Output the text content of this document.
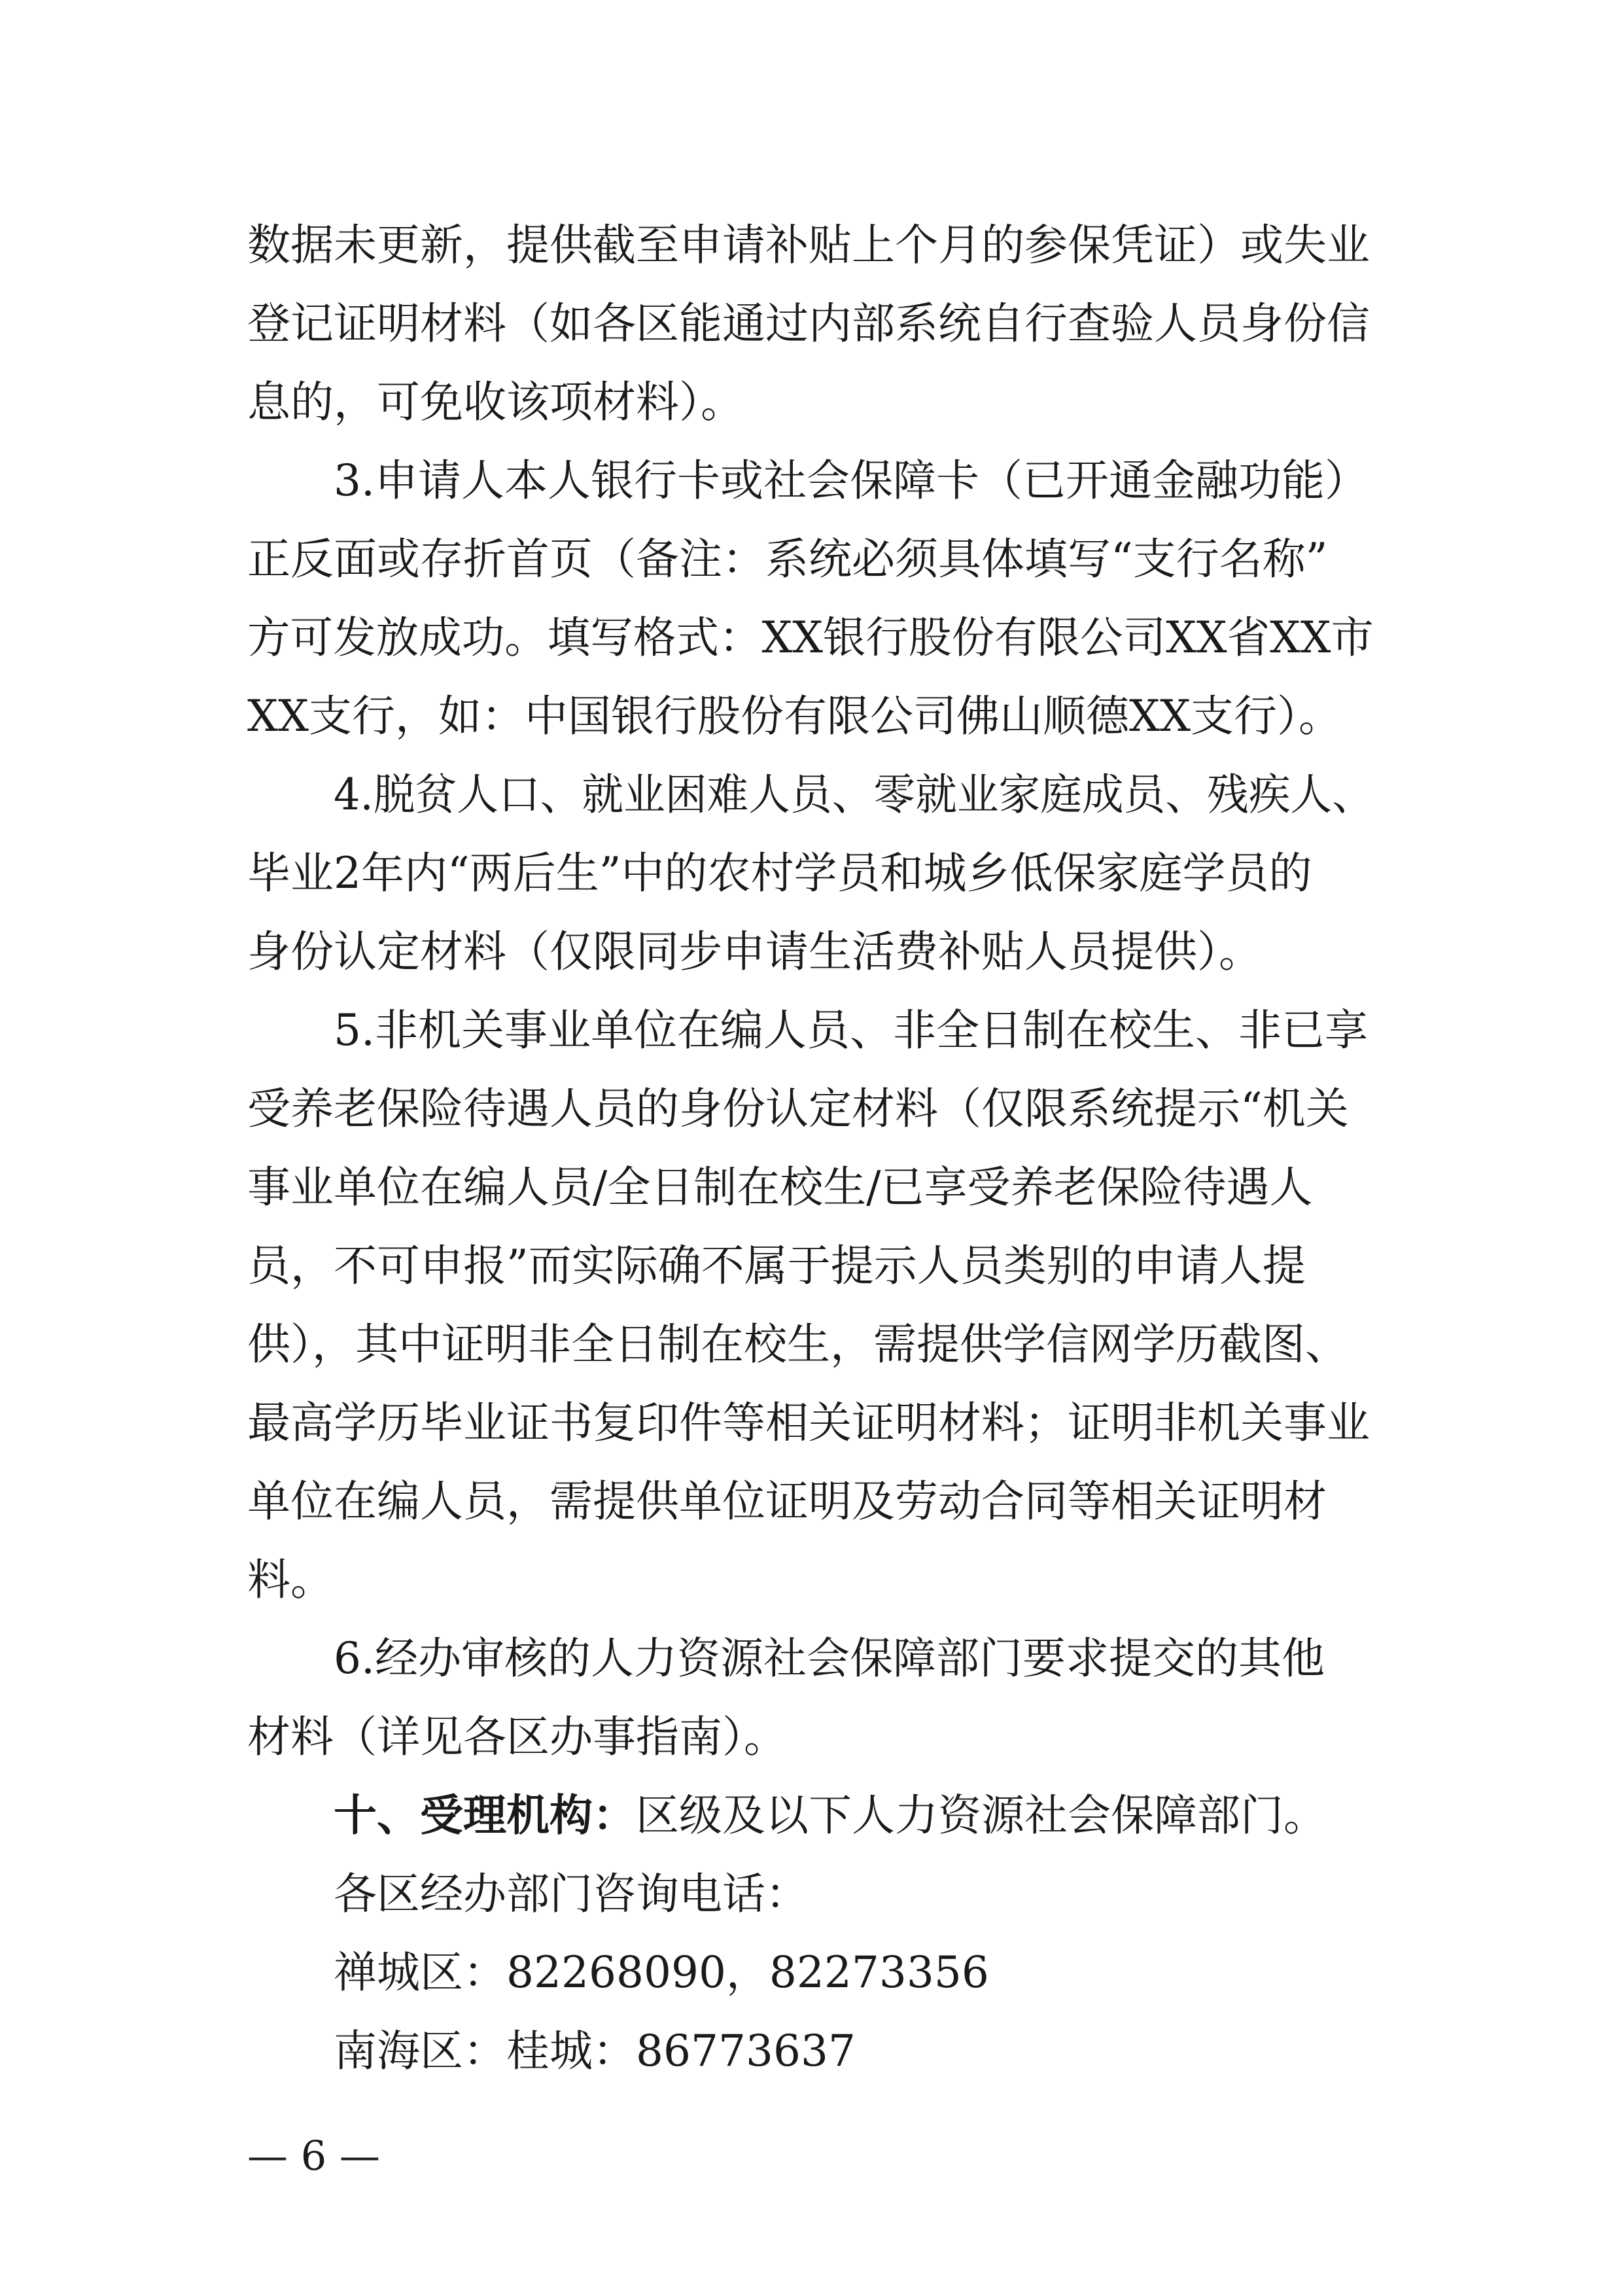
数据未更新，提供截至申请补贴上个月的参保凭证）或失业
登记证明材料（如各区能通过内部系统自行查验人员身份信
息的，可免收该项材料）。
3.申请人本人银行卡或社会保障卡（已开通金融功能）
正反面或存折首页（备注：系统必须具体填写“支行名称”
方可发放成功。填写格式：XX银行股份有限公司XX省XX市
XX支行，如：中国银行股份有限公司佛山顺德XX支行）。
4.脱贫人口、就业困难人员、零就业家庭成员、残疾人、
毕业2年内“两后生”中的农村学员和城乡低保家庭学员的
身份认定材料（仅限同步申请生活费补贴人员提供）。
5.非机关事业单位在编人员、非全日制在校生、非已享
受养老保险待遇人员的身份认定材料（仅限系统提示“机关
事业单位在编人员/全日制在校生/已享受养老保险待遇人
员，不可申报”而实际确不属于提示人员类别的申请人提
供），其中证明非全日制在校生，需提供学信网学历截图、
最高学历毕业证书复印件等相关证明材料；证明非机关事业
单位在编人员，需提供单位证明及劳动合同等相关证明材
料。
6.经办审核的人力资源社会保障部门要求提交的其他
材料（详见各区办事指南）。
十、受理机构：区级及以下人力资源社会保障部门。
各区经办部门咨询电话：
禅城区：82268090，82273356
南海区：桂城：86773637
— 6 —
